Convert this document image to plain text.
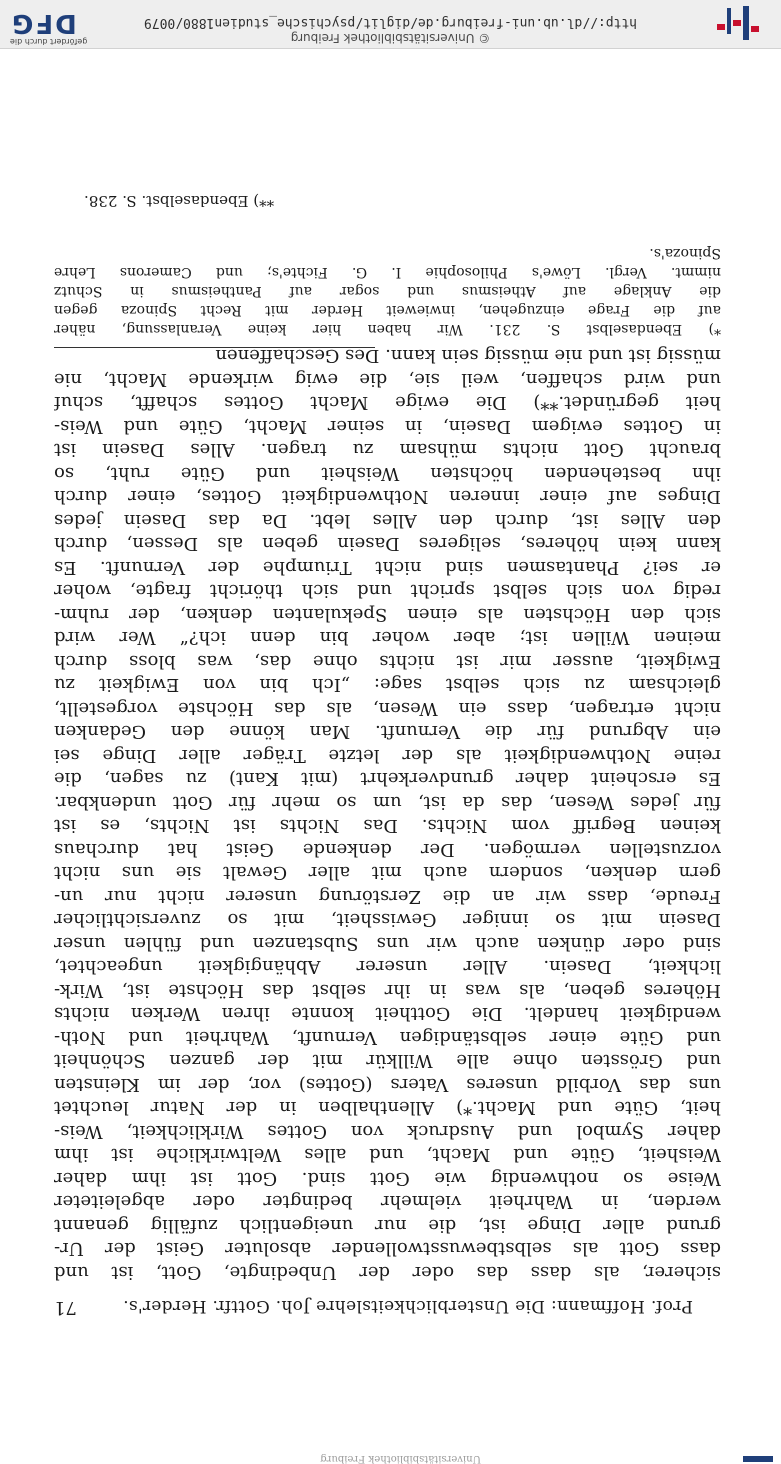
Universitätsbibliothek Freiburg
Prof. Hoffmann: Die Unsterblichkeitslehre Joh. Gottfr. Herder's.
71
sicherer, als dass das oder der Unbedingte, Gott, ist und
dass Gott als selbstbewusstwollender absoluter Geist der Ur-
grund aller Dinge ist, die nur uneigentlich zufällig genannt
werden, in Wahrheit vielmehr bedingter oder abgeleiteter
Weise so nothwendig wie Gott sind. Gott ist ihm daher
Weisheit, Güte und Macht, und alles Weltwirkliche ist ihm
daher Symbol und Ausdruck von Gottes Wirklichkeit, Weis-
heit, Güte und Macht.*) Allenthalben in der Natur leuchtet
uns das Vorbild unseres Vaters (Gottes) vor, der im Kleinsten
und Grössten ohne alle Willkür mit der ganzen Schönheit
und Güte einer selbständigen Vernunft, Wahrheit und Noth-
wendigkeit handelt. Die Gottheit konnte ihren Werken nichts
Höheres geben, als was in ihr selbst das Höchste ist, Wirk-
lichkeit, Dasein. Aller unserer Abhängigkeit ungeachtet,
sind oder dünken auch wir uns Substanzen und fühlen unser
Dasein mit so inniger Gewissheit, mit so zuversichtlicher
Freude, dass wir an die Zerstörung unserer nicht nur un-
gern denken, sondern auch mit aller Gewalt sie uns nicht
vorzustellen vermögen. Der denkende Geist hat durchaus
keinen Begriff vom Nichts. Das Nichts ist Nichts, es ist
für jedes Wesen, das da ist, um so mehr für Gott undenkbar.
Es erscheint daher grundverkehrt (mit Kant) zu sagen, die
reine Nothwendigkeit als der letzte Träger aller Dinge sei
ein Abgrund für die Vernunft. Man könne den Gedanken
nicht ertragen, dass ein Wesen, als das Höchste vorgestellt,
gleichsam zu sich selbst sage: „Ich bin von Ewigkeit zu
Ewigkeit, ausser mir ist nichts ohne das, was bloss durch
meinen Willen ist; aber woher bin denn ich?“ Wer wird
sich den Höchsten als einen Spekulanten denken, der ruhm-
redig von sich selbst spricht und sich thöricht fragte, woher
er sei? Phantasmen sind nicht Triumphe der Vernunft. Es
kann kein höheres, seligeres Dasein geben als Dessen, durch
den Alles ist, durch den Alles lebt. Da das Dasein jedes
Dinges auf einer inneren Nothwendigkeit Gottes, einer durch
ihn bestehenden höchsten Weisheit und Güte ruht, so
braucht Gott nichts mühsam zu tragen. Alles Dasein ist
in Gottes ewigem Dasein, in seiner Macht, Güte und Weis-
heit gegründet.**) Die ewige Macht Gottes schafft, schuf
und wird schaffen, weil sie, die ewig wirkende Macht, nie
müssig ist und nie müssig sein kann. Des Geschaffenen
*) Ebendaselbst S. 231. Wir haben hier keine Veranlassung, näher
auf die Frage einzugehen, inwieweit Herder mit Recht Spinoza gegen
die Anklage auf Atheismus und sogar auf Pantheismus in Schutz
nimmt. Vergl. Löwe's Philosophie I. G. Fichte's; und Camerons Lehre
Spinoza's.
**) Ebendaselbst. S. 238.
© Universitätsbibliothek Freiburg
http://dl.ub.uni-freiburg.de/diglit/psychische_studien1880/0079
gefördert durch die
DFG
